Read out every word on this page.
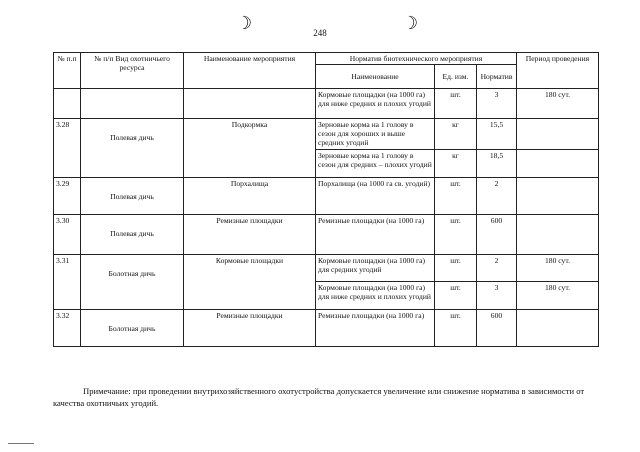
☽	248	☽
№ п.п	№ п/п Вид охотничьего ресурса	Наименование мероприятия	Норматив биотехнического мероприятия			Период проведения
			Наименование	Ед. изм.	Норматив	
			Кормовые площадки (на 1000 га) для ниже средних и плохих угодий	шт.	3	180 сут.
3.28	Полевая дичь	Подкормка	Зерновые корма на 1 голову в сезон для хороших и выше средних угодий	кг	15,5	
			Зерновые корма на 1 голову в сезон для средних – плохих угодий	кг	18,5	
3.29	Полевая дичь	Порхалища	Порхалища (на 1000 га св. угодий)	шт.	2	
3.30	Полевая дичь	Ремизные площадки	Ремизные площадки (на 1000 га)	шт.	600	
3.31	Болотная дичь	Кормовые площадки	Кормовые площадки (на 1000 га) для средних угодий	шт.	2	180 сут.
			Кормовые площадки (на 1000 га) для ниже средних и плохих угодий	шт.	3	180 сут.
3.32	Болотная дичь	Ремизные площадки	Ремизные площадки (на 1000 га)	шт.	600	

Примечание: при проведении внутрихозяйственного охотустройства допускается увеличение или снижение норматива в зависимости от качества охотничьих угодий.
